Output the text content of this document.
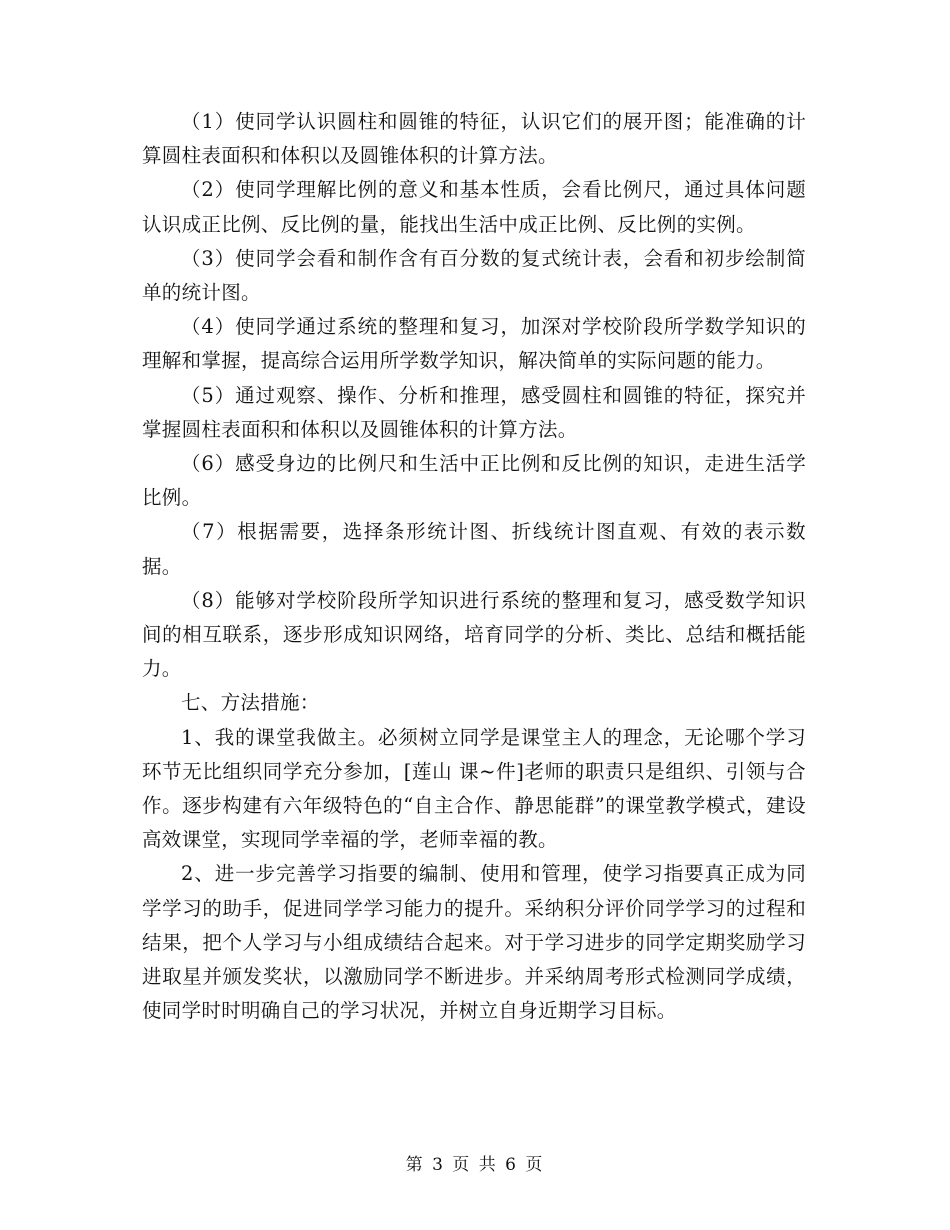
（1）使同学认识圆柱和圆锥的特征，认识它们的展开图；能准确的计算圆柱表面积和体积以及圆锥体积的计算方法。

（2）使同学理解比例的意义和基本性质，会看比例尺，通过具体问题认识成正比例、反比例的量，能找出生活中成正比例、反比例的实例。

（3）使同学会看和制作含有百分数的复式统计表，会看和初步绘制简单的统计图。

（4）使同学通过系统的整理和复习，加深对学校阶段所学数学知识的理解和掌握，提高综合运用所学数学知识，解决简单的实际问题的能力。

（5）通过观察、操作、分析和推理，感受圆柱和圆锥的特征，探究并掌握圆柱表面积和体积以及圆锥体积的计算方法。

（6）感受身边的比例尺和生活中正比例和反比例的知识，走进生活学比例。

（7）根据需要，选择条形统计图、折线统计图直观、有效的表示数据。

（8）能够对学校阶段所学知识进行系统的整理和复习，感受数学知识间的相互联系，逐步形成知识网络，培育同学的分析、类比、总结和概括能力。

七、方法措施：

1、我的课堂我做主。必须树立同学是课堂主人的理念，无论哪个学习环节无比组织同学充分参加，[莲山 课~件]老师的职责只是组织、引领与合作。逐步构建有六年级特色的“自主合作、静思能群”的课堂教学模式，建设高效课堂，实现同学幸福的学，老师幸福的教。

2、进一步完善学习指要的编制、使用和管理，使学习指要真正成为同学学习的助手，促进同学学习能力的提升。采纳积分评价同学学习的过程和结果，把个人学习与小组成绩结合起来。对于学习进步的同学定期奖励学习进取星并颁发奖状，以激励同学不断进步。并采纳周考形式检测同学成绩，使同学时时明确自己的学习状况，并树立自身近期学习目标。

第 3 页 共 6 页
